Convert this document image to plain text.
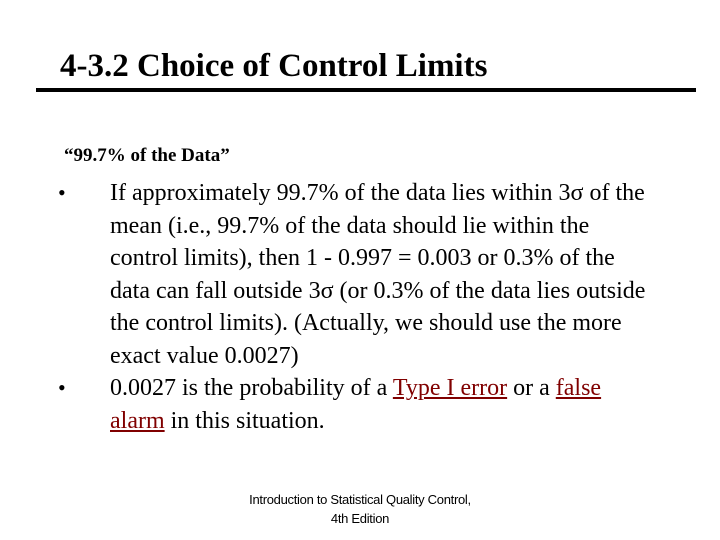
4-3.2 Choice of Control Limits
“99.7% of the Data”
•	If approximately 99.7% of the data lies within 3σ of the mean (i.e., 99.7% of the data should lie within the control limits), then 1 - 0.997 = 0.003 or 0.3% of the data can fall outside 3σ (or 0.3% of the data lies outside the control limits). (Actually, we should use the more exact value 0.0027)
•	0.0027 is the probability of a Type I error or a false alarm in this situation.
Introduction to Statistical Quality Control,
4th Edition
